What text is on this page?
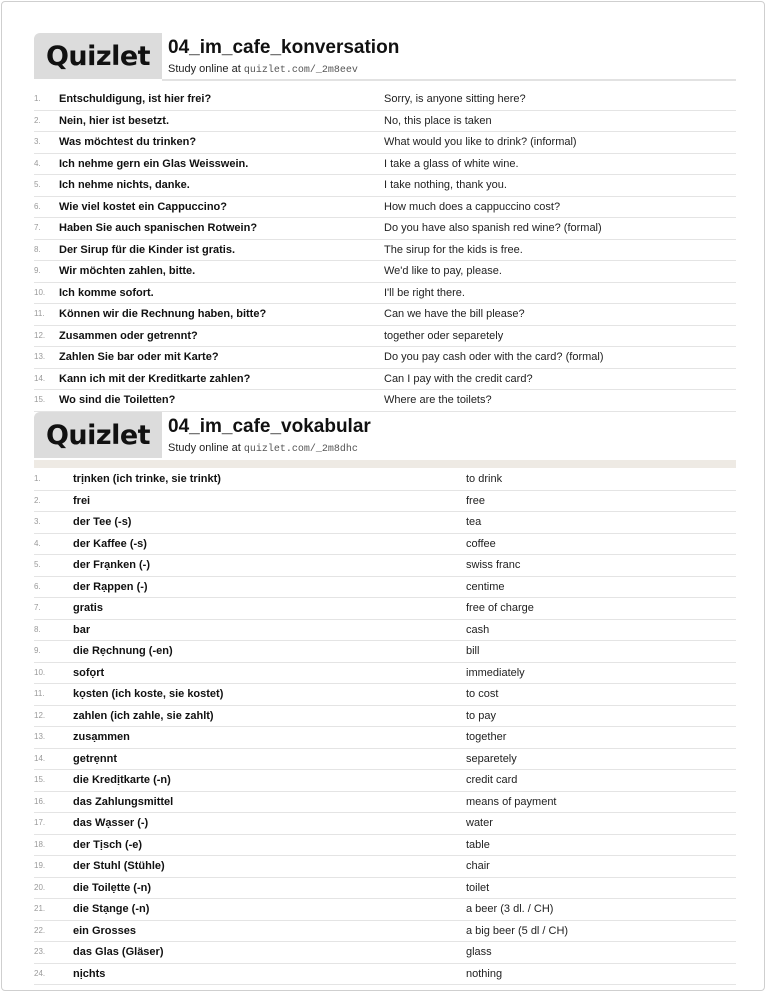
Quizlet 04_im_cafe_konversation
Study online at quizlet.com/_2m8eev
1. Entschuldigung, ist hier frei?	Sorry, is anyone sitting here?
2. Nein, hier ist besetzt.	No, this place is taken
3. Was möchtest du trinken?	What would you like to drink? (informal)
4. Ich nehme gern ein Glas Weisswein.	I take a glass of white wine.
5. Ich nehme nichts, danke.	I take nothing, thank you.
6. Wie viel kostet ein Cappuccino?	How much does a cappuccino cost?
7. Haben Sie auch spanischen Rotwein?	Do you have also spanish red wine? (formal)
8. Der Sirup für die Kinder ist gratis.	The sirup for the kids is free.
9. Wir möchten zahlen, bitte.	We'd like to pay, please.
10. Ich komme sofort.	I'll be right there.
11. Können wir die Rechnung haben, bitte?	Can we have the bill please?
12. Zusammen oder getrennt?	together oder separetely
13. Zahlen Sie bar oder mit Karte?	Do you pay cash oder with the card? (formal)
14. Kann ich mit der Kreditkarte zahlen?	Can I pay with the credit card?
15. Wo sind die Toiletten?	Where are the toilets?
Quizlet 04_im_cafe_vokabular
Study online at quizlet.com/_2m8dhc
1.	trịnken (ich trinke, sie trinkt)	to drink
2.	frei	free
3.	der Tee (-s)	tea
4.	der Kaffee (-s)	coffee
5.	der Frạnken (-)	swiss franc
6.	der Rạppen (-)	centime
7.	gratis	free of charge
8.	bar	cash
9.	die Rẹchnung (-en)	bill
10.	sofọrt	immediately
11.	kọsten (ich koste, sie kostet)	to cost
12.	zahlen (ich zahle, sie zahlt)	to pay
13.	zusạmmen	together
14.	getrẹnnt	separetely
15.	die Kredịtkarte (-n)	credit card
16.	das Zahlungsmittel	means of payment
17.	das Wạsser (-)	water
18.	der Tịsch (-e)	table
19.	der Stuhl (Stühle)	chair
20.	die Toilẹtte (-n)	toilet
21.	die Stạnge (-n)	a beer (3 dl. / CH)
22.	ein Grosses	a big beer (5 dl / CH)
23.	das Glas (Gläser)	glass
24.	nịchts	nothing
